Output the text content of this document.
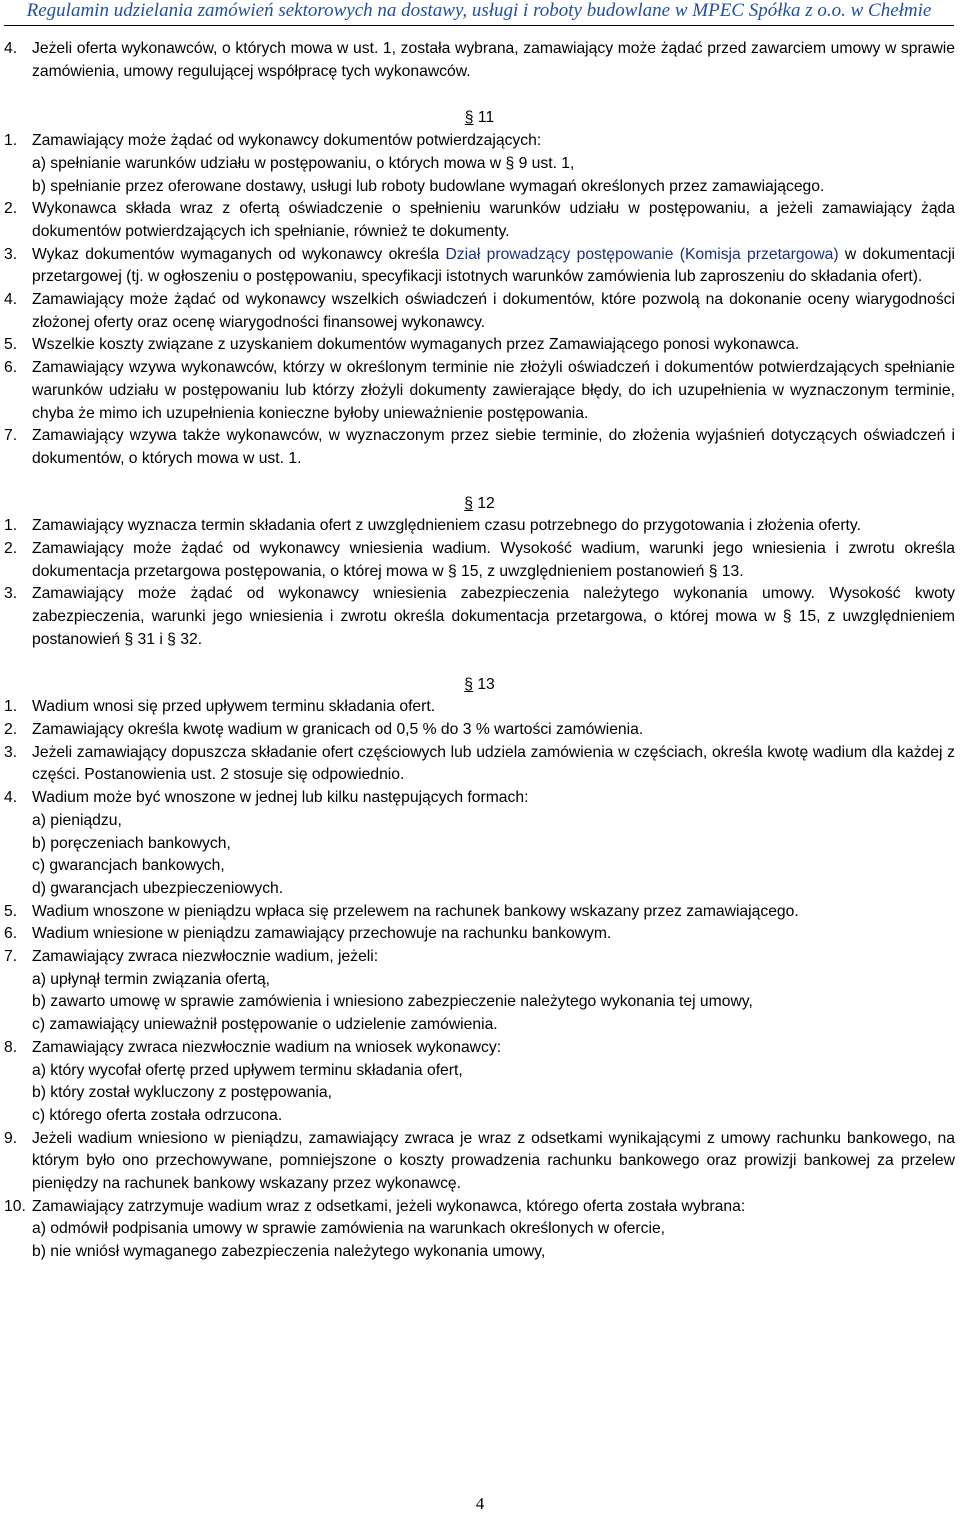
Regulamin udzielania zamówień sektorowych na dostawy, usługi i roboty budowlane w MPEC Spółka z o.o. w Chełmie
4. Jeżeli oferta wykonawców, o których mowa w ust. 1, została wybrana, zamawiający może żądać przed zawarciem umowy w sprawie zamówienia, umowy regulującej współpracę tych wykonawców.
§ 11
1. Zamawiający może żądać od wykonawcy dokumentów potwierdzających:
a) spełnianie warunków udziału w postępowaniu, o których mowa w § 9 ust. 1,
b) spełnianie przez oferowane dostawy, usługi lub roboty budowlane wymagań określonych przez zamawiającego.
2. Wykonawca składa wraz z ofertą oświadczenie o spełnieniu warunków udziału w postępowaniu, a jeżeli zamawiający żąda dokumentów potwierdzających ich spełnianie, również te dokumenty.
3. Wykaz dokumentów wymaganych od wykonawcy określa Dział prowadzący postępowanie (Komisja przetargowa) w dokumentacji przetargowej (tj. w ogłoszeniu o postępowaniu, specyfikacji istotnych warunków zamówienia lub zaproszeniu do składania ofert).
4. Zamawiający może żądać od wykonawcy wszelkich oświadczeń i dokumentów, które pozwolą na dokonanie oceny wiarygodności złożonej oferty oraz ocenę wiarygodności finansowej wykonawcy.
5. Wszelkie koszty związane z uzyskaniem dokumentów wymaganych przez Zamawiającego ponosi wykonawca.
6. Zamawiający wzywa wykonawców, którzy w określonym terminie nie złożyli oświadczeń i dokumentów potwierdzających spełnianie warunków udziału w postępowaniu lub którzy złożyli dokumenty zawierające błędy, do ich uzupełnienia w wyznaczonym terminie, chyba że mimo ich uzupełnienia konieczne byłoby unieważnienie postępowania.
7. Zamawiający wzywa także wykonawców, w wyznaczonym przez siebie terminie, do złożenia wyjaśnień dotyczących oświadczeń i dokumentów, o których mowa w ust. 1.
§ 12
1. Zamawiający wyznacza termin składania ofert z uwzględnieniem czasu potrzebnego do przygotowania i złożenia oferty.
2. Zamawiający może żądać od wykonawcy wniesienia wadium. Wysokość wadium, warunki jego wniesienia i zwrotu określa dokumentacja przetargowa postępowania, o której mowa w § 15, z uwzględnieniem postanowień § 13.
3. Zamawiający może żądać od wykonawcy wniesienia zabezpieczenia należytego wykonania umowy. Wysokość kwoty zabezpieczenia, warunki jego wniesienia i zwrotu określa dokumentacja przetargowa, o której mowa w § 15, z uwzględnieniem postanowień § 31 i § 32.
§ 13
1. Wadium wnosi się przed upływem terminu składania ofert.
2. Zamawiający określa kwotę wadium w granicach od 0,5 % do 3 % wartości zamówienia.
3. Jeżeli zamawiający dopuszcza składanie ofert częściowych lub udziela zamówienia w częściach, określa kwotę wadium dla każdej z części. Postanowienia ust. 2 stosuje się odpowiednio.
4. Wadium może być wnoszone w jednej lub kilku następujących formach:
a) pieniądzu,
b) poręczeniach bankowych,
c) gwarancjach bankowych,
d) gwarancjach ubezpieczeniowych.
5. Wadium wnoszone w pieniądzu wpłaca się przelewem na rachunek bankowy wskazany przez zamawiającego.
6. Wadium wniesione w pieniądzu zamawiający przechowuje na rachunku bankowym.
7. Zamawiający zwraca niezwłocznie wadium, jeżeli:
a) upłynął termin związania ofertą,
b) zawarto umowę w sprawie zamówienia i wniesiono zabezpieczenie należytego wykonania tej umowy,
c) zamawiający unieważnił postępowanie o udzielenie zamówienia.
8. Zamawiający zwraca niezwłocznie wadium na wniosek wykonawcy:
a) który wycofał ofertę przed upływem terminu składania ofert,
b) który został wykluczony z postępowania,
c) którego oferta została odrzucona.
9. Jeżeli wadium wniesiono w pieniądzu, zamawiający zwraca je wraz z odsetkami wynikającymi z umowy rachunku bankowego, na którym było ono przechowywane, pomniejszone o koszty prowadzenia rachunku bankowego oraz prowizji bankowej za przelew pieniędzy na rachunek bankowy wskazany przez wykonawcę.
10. Zamawiający zatrzymuje wadium wraz z odsetkami, jeżeli wykonawca, którego oferta została wybrana:
a) odmówił podpisania umowy w sprawie zamówienia na warunkach określonych w ofercie,
b) nie wniósł wymaganego zabezpieczenia należytego wykonania umowy,
4
